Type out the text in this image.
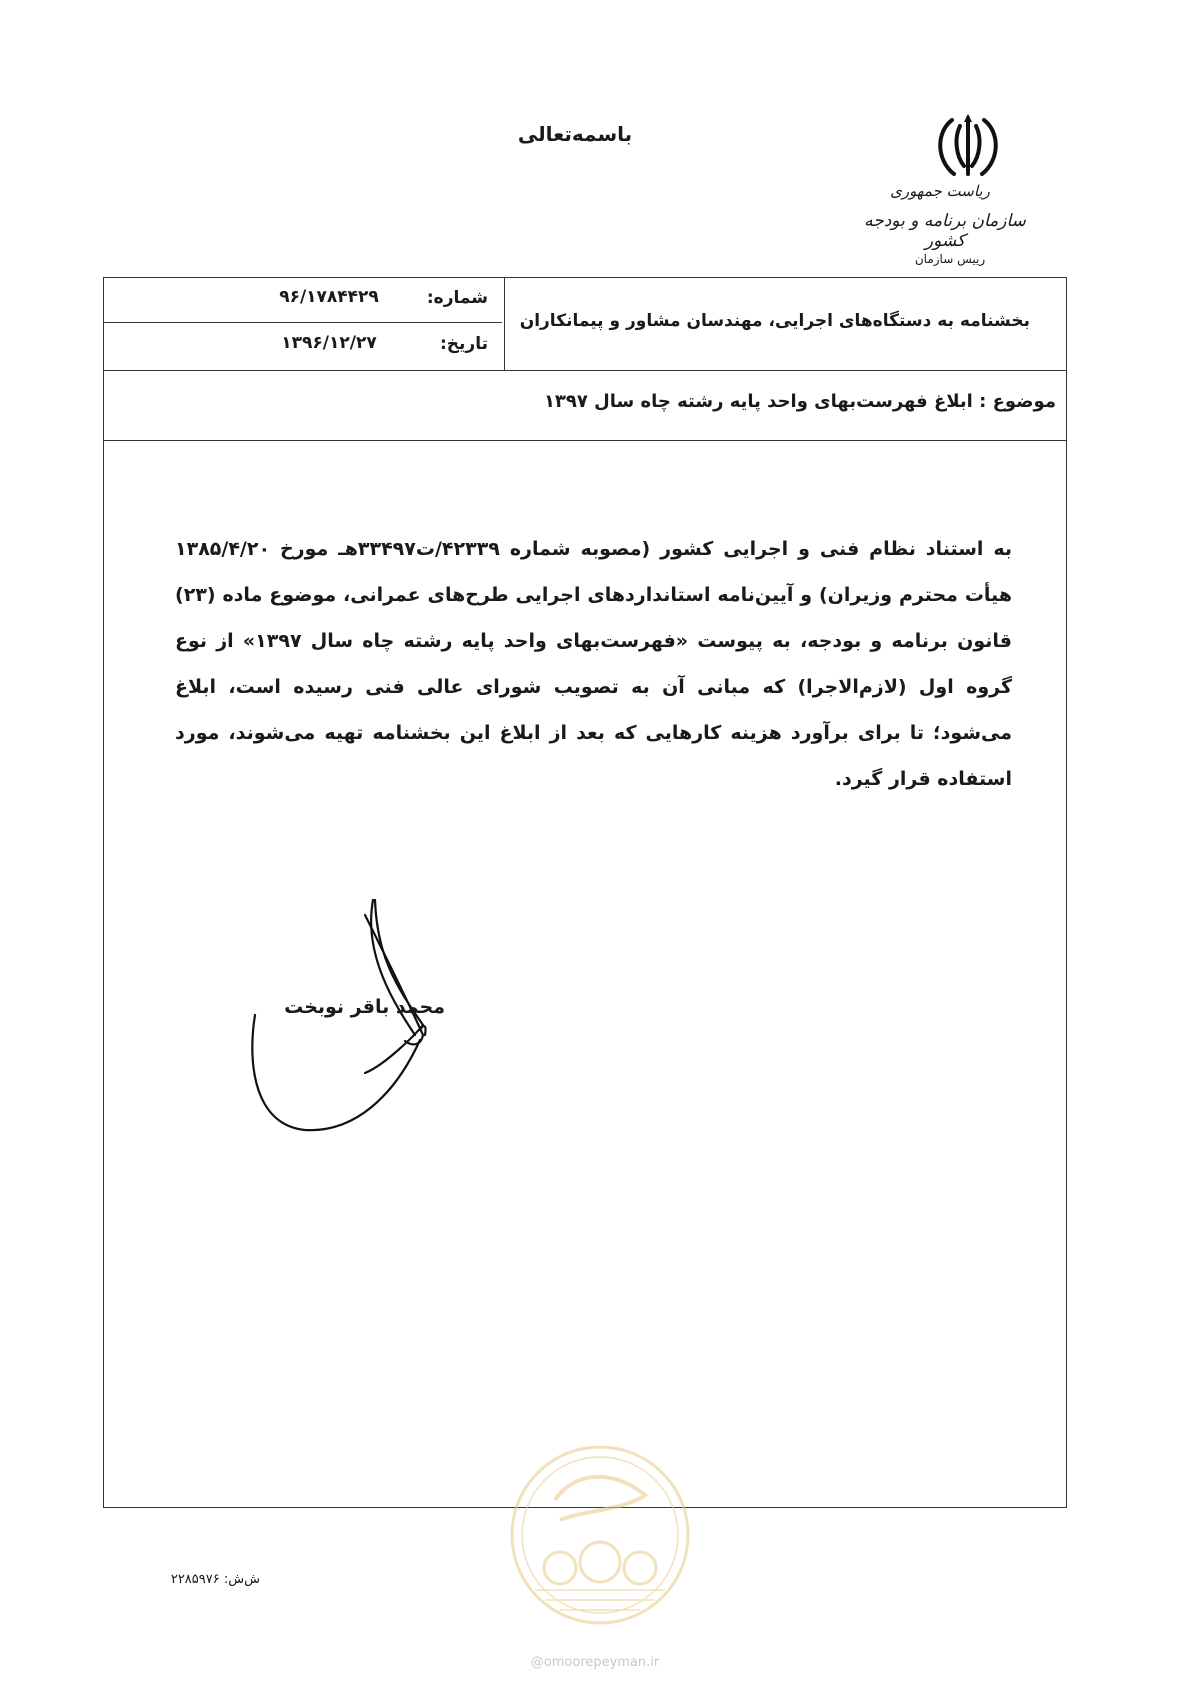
باسمه‌تعالی
ریاست جمهوری
سازمان برنامه و بودجه کشور
رییس سازمان
شماره:
۹۶/۱۷۸۴۴۲۹
تاریخ:
۱۳۹۶/۱۲/۲۷
بخشنامه به دستگاه‌های اجرایی، مهندسان مشاور و پیمانکاران
موضوع : ابلاغ فهرست‌بهای واحد پایه رشته چاه سال ۱۳۹۷
به استناد نظام فنی و اجرایی کشور (مصوبه شماره ۴۲۳۳۹/ت۳۳۴۹۷هـ مورخ ۱۳۸۵/۴/۲۰ هیأت محترم وزیران) و آیین‌نامه استانداردهای اجرایی طرح‌های عمرانی، موضوع ماده (۲۳) قانون برنامه و بودجه، به پیوست «فهرست‌بهای واحد پایه رشته چاه سال ۱۳۹۷» از نوع گروه اول (لازم‌الاجرا) که مبانی آن به تصویب شورای عالی فنی رسیده است، ابلاغ می‌شود؛ تا برای برآورد هزینه کارهایی که بعد از ابلاغ این بخشنامه تهیه می‌شوند، مورد استفاده قرار گیرد.
محمد باقر نوبخت
ش‌ش: ۲۲۸۵۹۷۶
@omoorepeyman.ir
